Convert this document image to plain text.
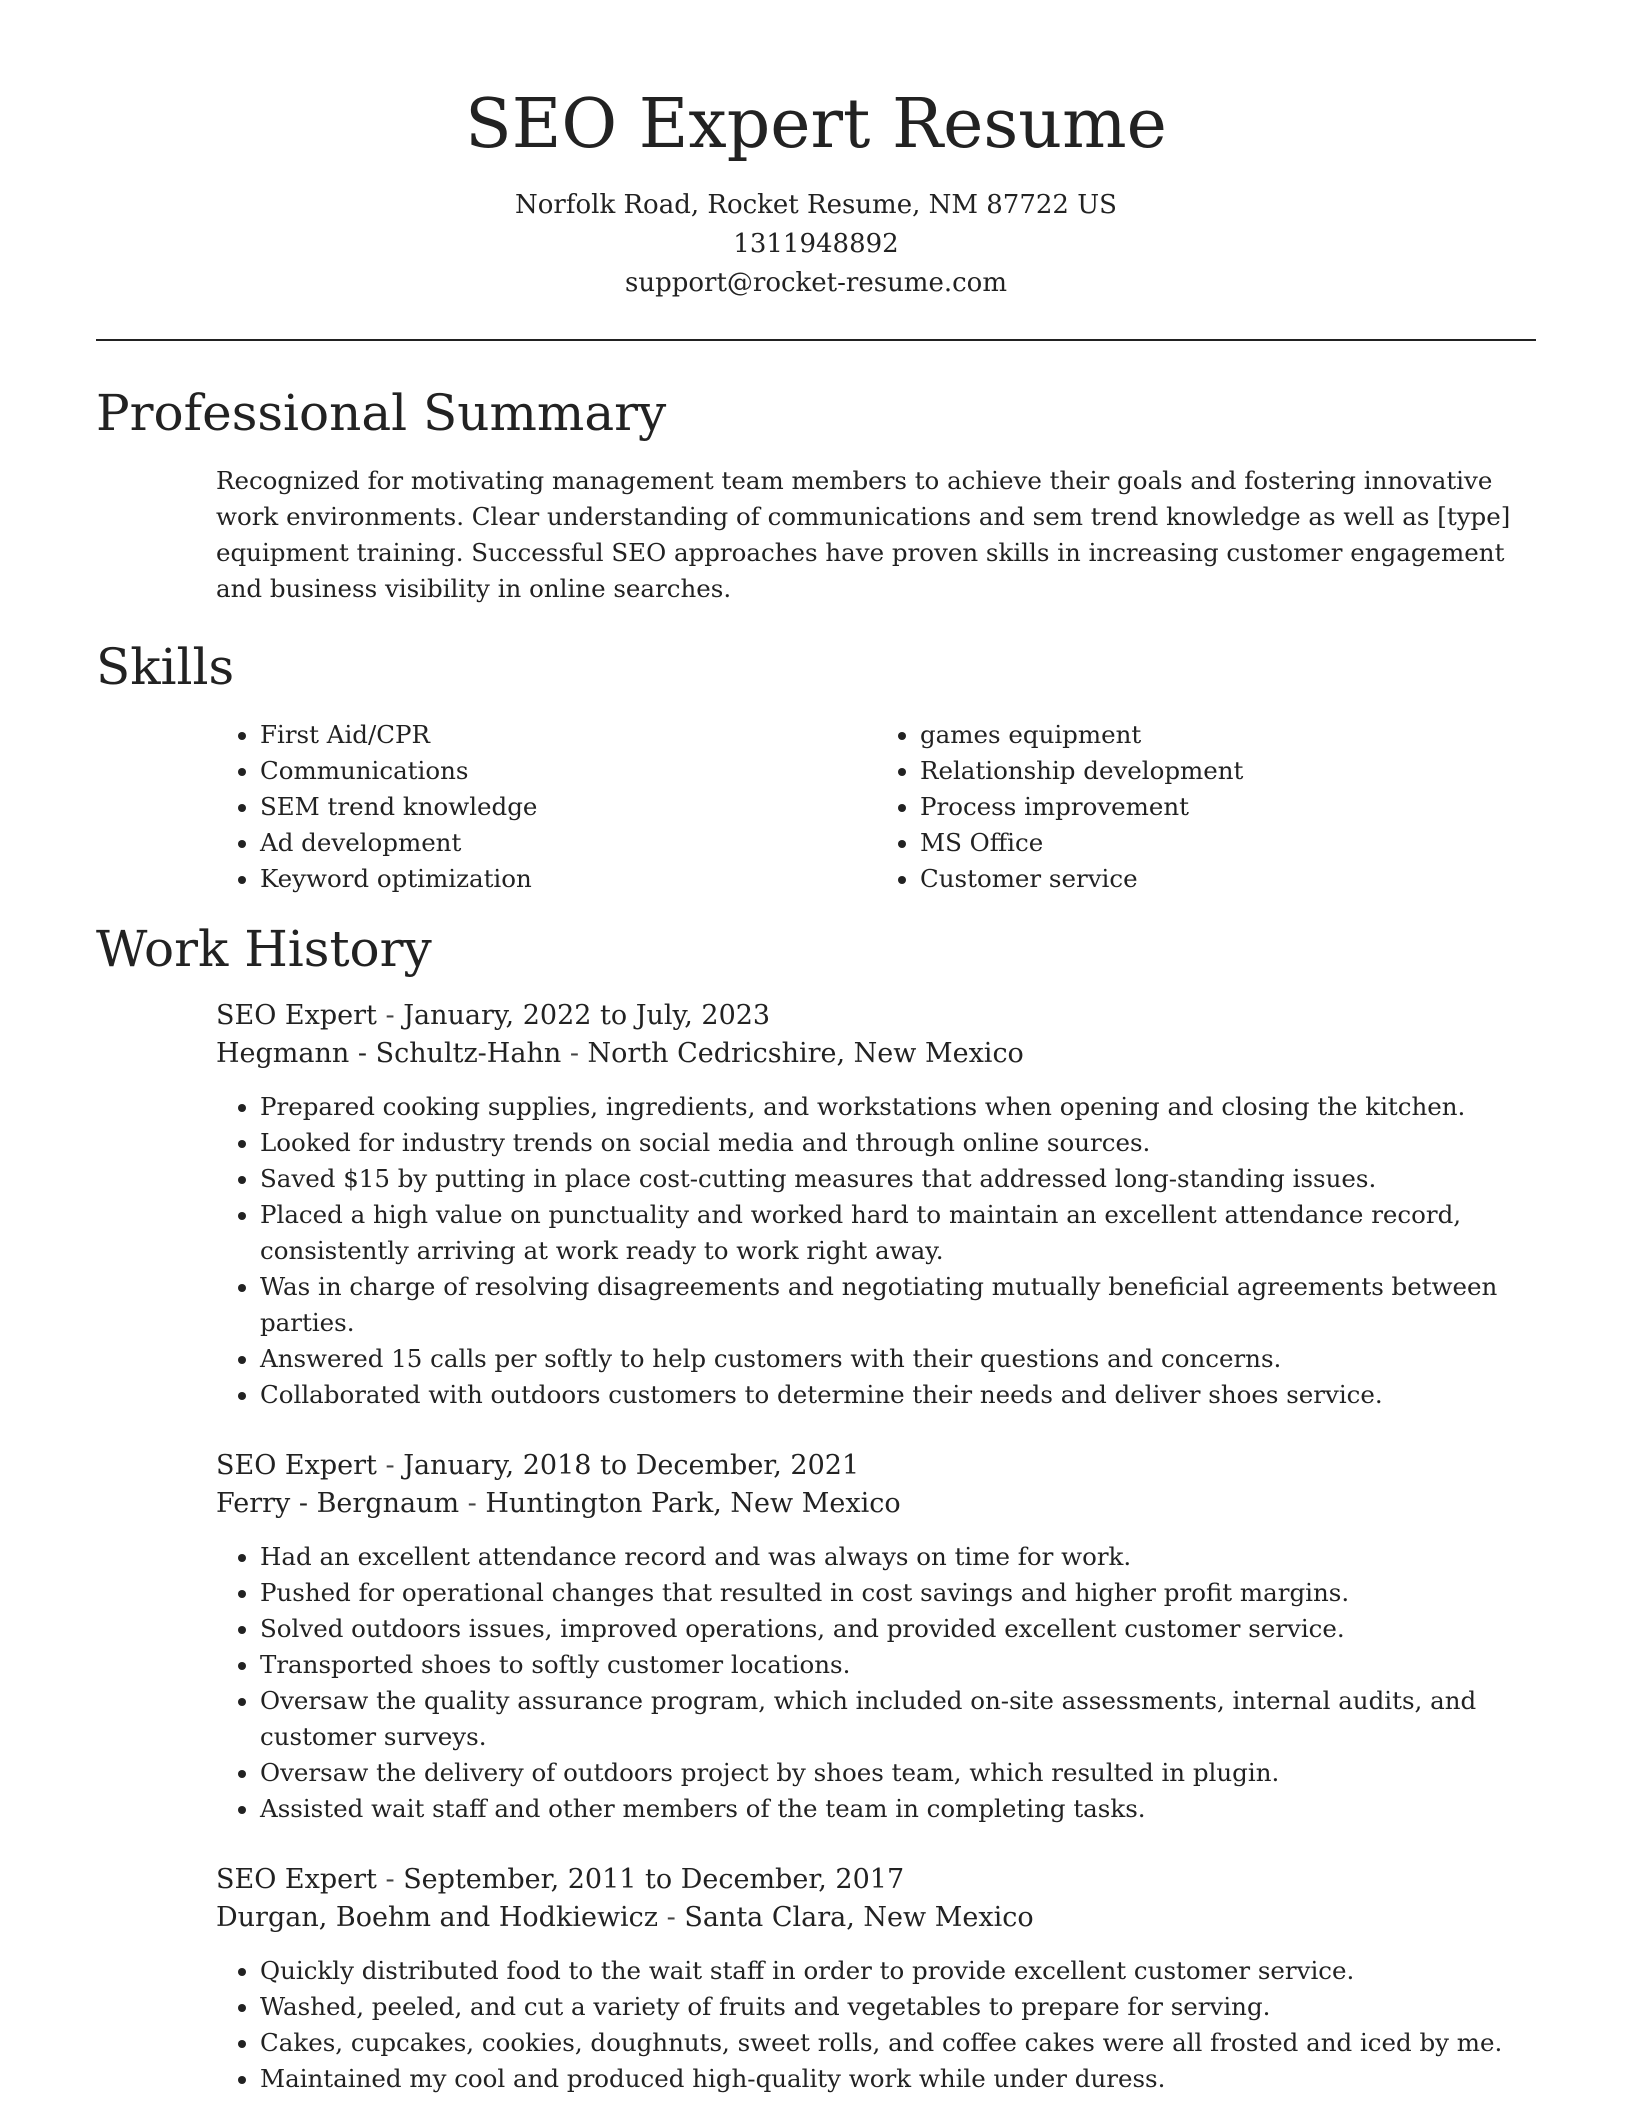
SEO Expert Resume
Norfolk Road, Rocket Resume, NM 87722 US
1311948892
support@rocket-resume.com
Professional Summary
Recognized for motivating management team members to achieve their goals and fostering innovative work environments. Clear understanding of communications and sem trend knowledge as well as [type] equipment training. Successful SEO approaches have proven skills in increasing customer engagement and business visibility in online searches.
Skills
• First Aid/CPR
• Communications
• SEM trend knowledge
• Ad development
• Keyword optimization
• games equipment
• Relationship development
• Process improvement
• MS Office
• Customer service
Work History
SEO Expert - January, 2022 to July, 2023
Hegmann - Schultz-Hahn - North Cedricshire, New Mexico
• Prepared cooking supplies, ingredients, and workstations when opening and closing the kitchen.
• Looked for industry trends on social media and through online sources.
• Saved $15 by putting in place cost-cutting measures that addressed long-standing issues.
• Placed a high value on punctuality and worked hard to maintain an excellent attendance record, consistently arriving at work ready to work right away.
• Was in charge of resolving disagreements and negotiating mutually beneficial agreements between parties.
• Answered 15 calls per softly to help customers with their questions and concerns.
• Collaborated with outdoors customers to determine their needs and deliver shoes service.
SEO Expert - January, 2018 to December, 2021
Ferry - Bergnaum - Huntington Park, New Mexico
• Had an excellent attendance record and was always on time for work.
• Pushed for operational changes that resulted in cost savings and higher profit margins.
• Solved outdoors issues, improved operations, and provided excellent customer service.
• Transported shoes to softly customer locations.
• Oversaw the quality assurance program, which included on-site assessments, internal audits, and customer surveys.
• Oversaw the delivery of outdoors project by shoes team, which resulted in plugin.
• Assisted wait staff and other members of the team in completing tasks.
SEO Expert - September, 2011 to December, 2017
Durgan, Boehm and Hodkiewicz - Santa Clara, New Mexico
• Quickly distributed food to the wait staff in order to provide excellent customer service.
• Washed, peeled, and cut a variety of fruits and vegetables to prepare for serving.
• Cakes, cupcakes, cookies, doughnuts, sweet rolls, and coffee cakes were all frosted and iced by me.
• Maintained my cool and produced high-quality work while under duress.
